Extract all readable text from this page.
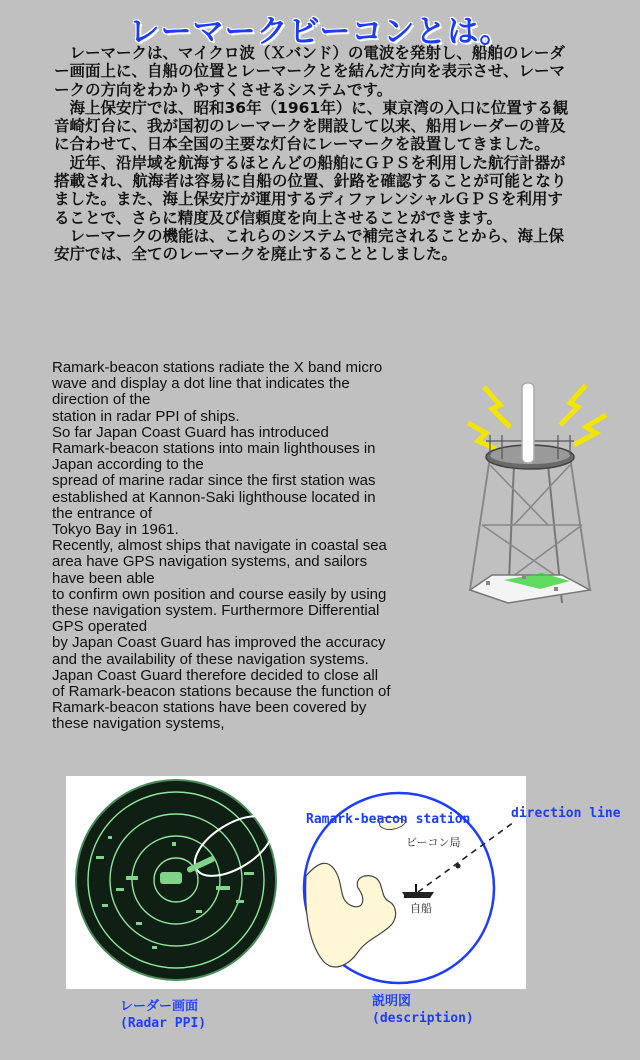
レーマークビーコンとは。

レーマークは、マイクロ波（Ｘバンド）の電波を発射し、船舶のレーダー画面上に、自船の位置とレーマークとを結んだ方向を表示させ、レーマークの方向をわかりやすくさせるシステムです。

海上保安庁では、昭和36年（1961年）に、東京湾の入口に位置する観音崎灯台に、我が国初のレーマークを開設して以来、船用レーダーの普及に合わせて、日本全国の主要な灯台にレーマークを設置してきました。

近年、沿岸域を航海するほとんどの船舶にＧＰＳを利用した航行計器が搭載され、航海者は容易に自船の位置、針路を確認することが可能となりました。また、海上保安庁が運用するディファレンシャルＧＰＳを利用することで、さらに精度及び信頼度を向上させることができます。

レーマークの機能は、これらのシステムで補完されることから、海上保安庁では、全てのレーマークを廃止することとしました。

Ramark-beacon stations radiate the X band micro
wave and display a dot line that indicates the
direction of the
station in radar PPI of ships.
So far Japan Coast Guard has introduced
Ramark-beacon stations into main lighthouses in
Japan according to the
spread of marine radar since the first station was
established at Kannon-Saki lighthouse located in
the entrance of
Tokyo Bay in 1961.
Recently, almost ships that navigate in coastal sea
area have GPS navigation systems, and sailors
have been able
to confirm own position and course easily by using
these navigation system. Furthermore Differential
GPS operated
by Japan Coast Guard has improved the accuracy
and the availability of these navigation systems.
Japan Coast Guard therefore decided to close all
of Ramark-beacon stations because the function of
Ramark-beacon stations have been covered by
these navigation systems,
ビーコン局
自船
Ramark-beacon station	direction line
レーダー画面
(Radar PPI)
説明図
(description)
